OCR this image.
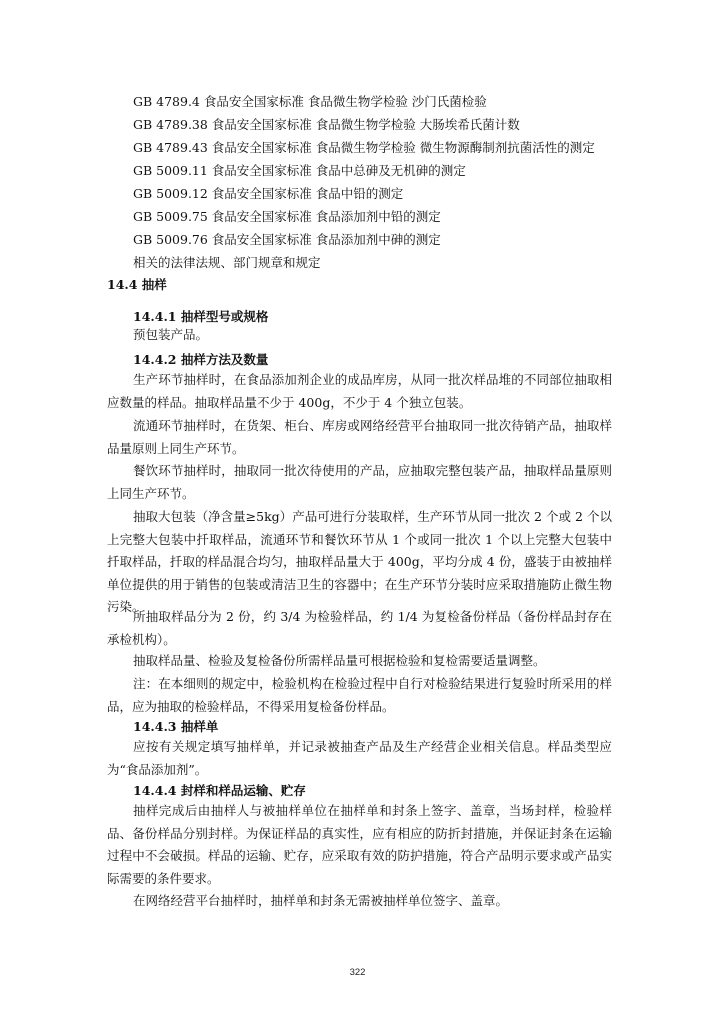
GB 4789.4 食品安全国家标准 食品微生物学检验 沙门氏菌检验
GB 4789.38 食品安全国家标准 食品微生物学检验 大肠埃希氏菌计数
GB 4789.43 食品安全国家标准 食品微生物学检验 微生物源酶制剂抗菌活性的测定
GB 5009.11 食品安全国家标准 食品中总砷及无机砷的测定
GB 5009.12 食品安全国家标准 食品中铅的测定
GB 5009.75 食品安全国家标准 食品添加剂中铅的测定
GB 5009.76 食品安全国家标准 食品添加剂中砷的测定
相关的法律法规、部门规章和规定
14.4 抽样
14.4.1 抽样型号或规格
预包装产品。
14.4.2 抽样方法及数量
生产环节抽样时，在食品添加剂企业的成品库房，从同一批次样品堆的不同部位抽取相应数量的样品。抽取样品量不少于 400g，不少于 4 个独立包装。
流通环节抽样时，在货架、柜台、库房或网络经营平台抽取同一批次待销产品，抽取样品量原则上同生产环节。
餐饮环节抽样时，抽取同一批次待使用的产品，应抽取完整包装产品，抽取样品量原则上同生产环节。
抽取大包装（净含量≥5kg）产品可进行分装取样，生产环节从同一批次 2 个或 2 个以上完整大包装中扦取样品，流通环节和餐饮环节从 1 个或同一批次 1 个以上完整大包装中扦取样品，扦取的样品混合均匀，抽取样品量大于 400g，平均分成 4 份，盛装于由被抽样单位提供的用于销售的包装或清洁卫生的容器中；在生产环节分装时应采取措施防止微生物污染。
所抽取样品分为 2 份，约 3/4 为检验样品，约 1/4 为复检备份样品（备份样品封存在承检机构）。
抽取样品量、检验及复检备份所需样品量可根据检验和复检需要适量调整。
注：在本细则的规定中，检验机构在检验过程中自行对检验结果进行复验时所采用的样品，应为抽取的检验样品，不得采用复检备份样品。
14.4.3 抽样单
应按有关规定填写抽样单，并记录被抽查产品及生产经营企业相关信息。样品类型应为“食品添加剂”。
14.4.4 封样和样品运输、贮存
抽样完成后由抽样人与被抽样单位在抽样单和封条上签字、盖章，当场封样，检验样品、备份样品分别封样。为保证样品的真实性，应有相应的防折封措施，并保证封条在运输过程中不会破损。样品的运输、贮存，应采取有效的防护措施，符合产品明示要求或产品实际需要的条件要求。
在网络经营平台抽样时，抽样单和封条无需被抽样单位签字、盖章。
322
